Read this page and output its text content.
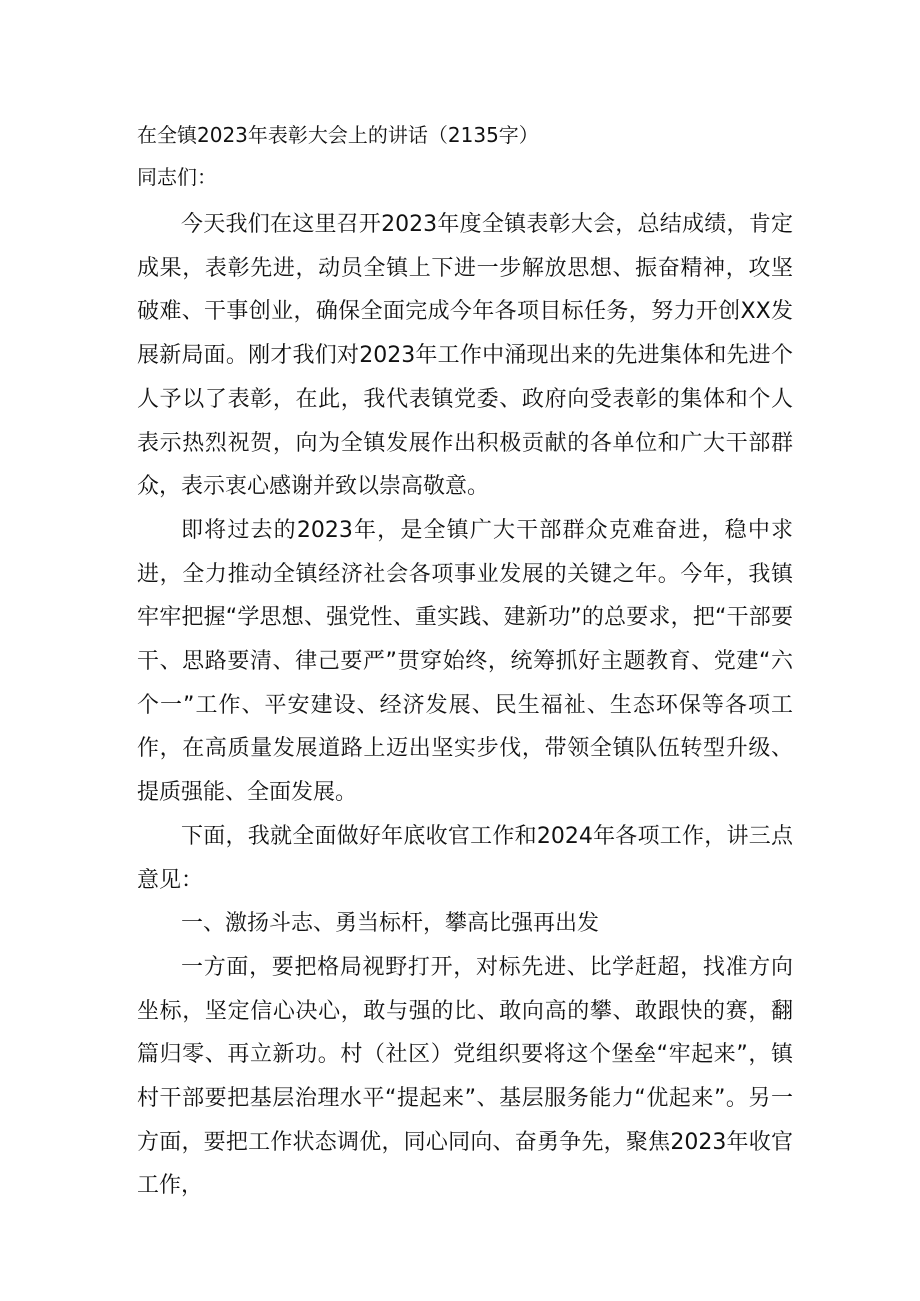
在全镇2023年表彰大会上的讲话（2135字）
同志们：

今天我们在这里召开2023年度全镇表彰大会，总结成绩，肯定成果，表彰先进，动员全镇上下进一步解放思想、振奋精神，攻坚破难、干事创业，确保全面完成今年各项目标任务，努力开创XX发展新局面。刚才我们对2023年工作中涌现出来的先进集体和先进个人予以了表彰，在此，我代表镇党委、政府向受表彰的集体和个人表示热烈祝贺，向为全镇发展作出积极贡献的各单位和广大干部群众，表示衷心感谢并致以崇高敬意。

即将过去的2023年，是全镇广大干部群众克难奋进，稳中求进，全力推动全镇经济社会各项事业发展的关键之年。今年，我镇牢牢把握“学思想、强党性、重实践、建新功”的总要求，把“干部要干、思路要清、律己要严”贯穿始终，统筹抓好主题教育、党建“六个一”工作、平安建设、经济发展、民生福祉、生态环保等各项工作，在高质量发展道路上迈出坚实步伐，带领全镇队伍转型升级、提质强能、全面发展。

下面，我就全面做好年底收官工作和2024年各项工作，讲三点意见：

一、激扬斗志、勇当标杆，攀高比强再出发

一方面，要把格局视野打开，对标先进、比学赶超，找准方向坐标，坚定信心决心，敢与强的比、敢向高的攀、敢跟快的赛，翻篇归零、再立新功。村（社区）党组织要将这个堡垒“牢起来”，镇村干部要把基层治理水平“提起来”、基层服务能力“优起来”。另一方面，要把工作状态调优，同心同向、奋勇争先，聚焦2023年收官工作，
